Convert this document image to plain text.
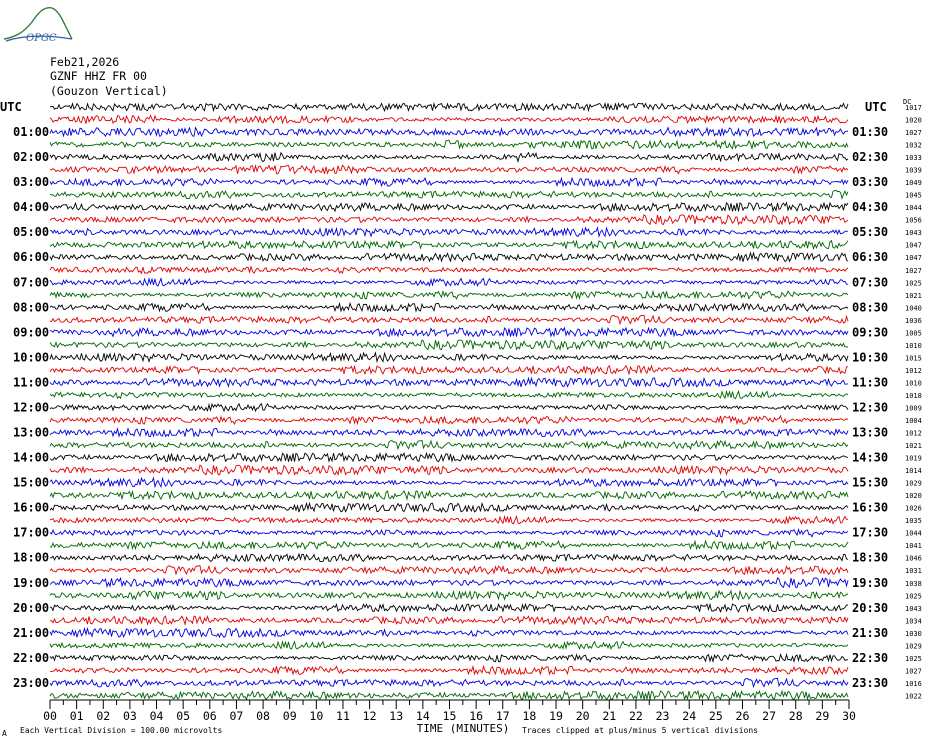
OPGC
Feb21,2026
GZNF HHZ FR 00
(Gouzon Vertical)
00 01 02 03 04 05 06 07 08 09 10 11 12 13 14 15 16 17 18 19 20 21 22 23 24 25 26 27 28 29 30
TIME (MINUTES)
UTC	UTC DC
01:00
02:00
03:00
04:00
05:00
06:00
07:00
08:00
09:00
10:00
11:00
12:00
13:00
14:00
15:00
16:00
17:00
18:00
19:00
20:00
21:00
22:00
23:00
01:30
02:30
03:30
04:30
05:30
06:30
07:30
08:30
09:30
10:30
11:30
12:30
13:30
14:30
15:30
16:30
17:30
18:30
19:30
20:30
21:30
22:30
23:30
1017
1020
1027
1032
1033
1039
1049
1045
1044
1056
1043
1047
1047
1027
1025
1021
1040
1036
1005
1010
1015
1012
1010
1018
1009
1004
1012
1021
1019
1014
1029
1020
1026
1035
1044
1041
1046
1031
1038
1025
1043
1034
1030
1029
1025
1027
1016
1022
A Each Vertical Division = 100.00 microvolts	Traces clipped at plus/minus 5 vertical divisions
